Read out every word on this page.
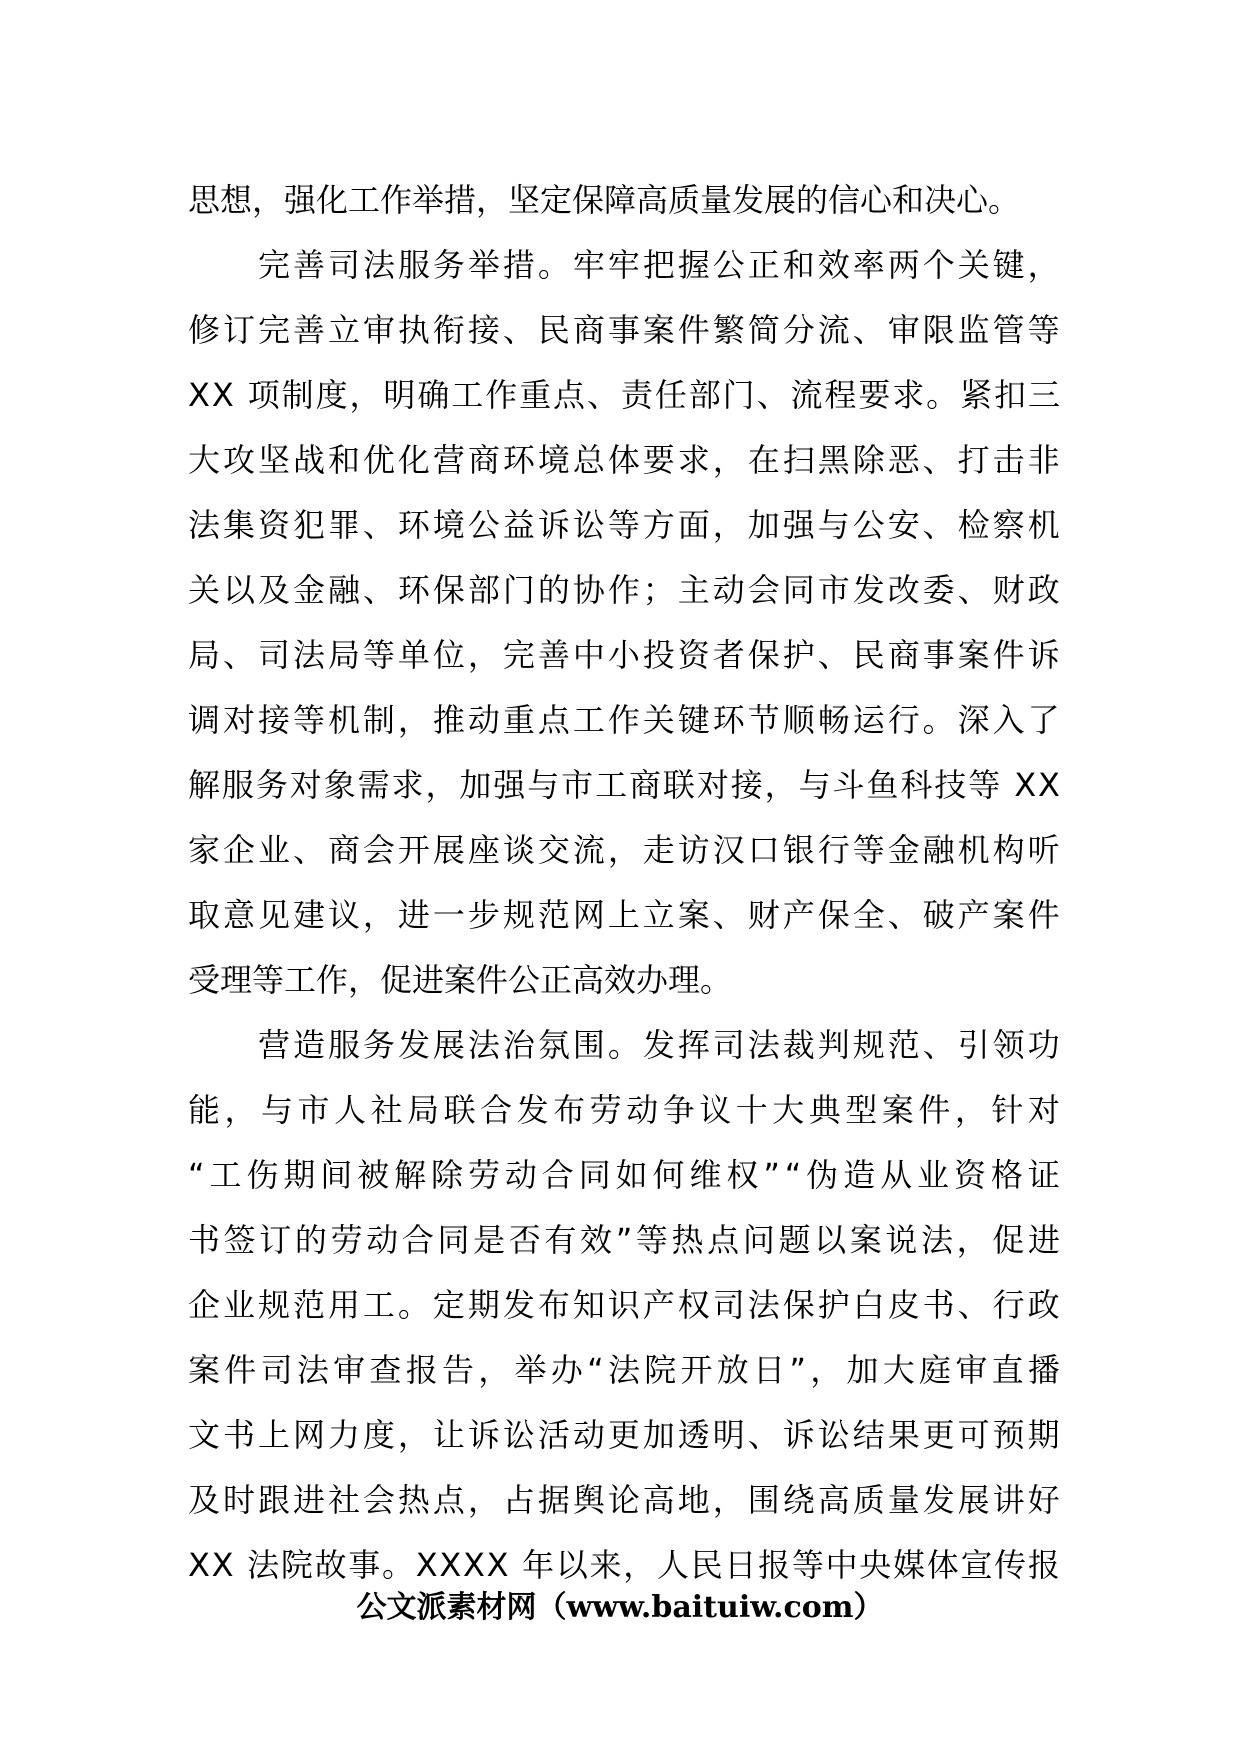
思想，强化工作举措，坚定保障高质量发展的信心和决心。
完 善 司 法 服 务 举 措 。 牢 牢 把 握 公 正 和 效 率 两 个 关 键 ，
修 订 完 善 立 审 执 衔 接 、 民 商 事 案 件 繁 简 分 流 、 审 限 监 管 等
X X
项 制 度 ， 明 确 工 作 重 点 、 责 任 部 门 、 流 程 要 求 。 紧 扣 三
大 攻 坚 战 和 优 化 营 商 环 境 总 体 要 求 ， 在 扫 黑 除 恶 、 打 击 非
法 集 资 犯 罪 、 环 境 公 益 诉 讼 等 方 面 ， 加 强 与 公 安 、 检 察 机
关 以 及 金 融 、 环 保 部 门 的 协 作 ； 主 动 会 同 市 发 改 委 、 财 政
局 、 司 法 局 等 单 位 ， 完 善 中 小 投 资 者 保 护 、 民 商 事 案 件 诉
调 对 接 等 机 制 ， 推 动 重 点 工 作 关 键 环 节 顺 畅 运 行 。 深 入 了
解 服 务 对 象 需 求 ， 加 强 与 市 工 商 联 对 接 ， 与 斗 鱼 科 技 等
X X
家 企 业 、 商 会 开 展 座 谈 交 流 ， 走 访 汉 口 银 行 等 金 融 机 构 听
取 意 见 建 议 ， 进 一 步 规 范 网 上 立 案 、 财 产 保 全 、 破 产 案 件
受理等工作，促进案件公正高效办理。
营 造 服 务 发 展 法 治 氛 围 。 发 挥 司 法 裁 判 规 范 、 引 领 功
能 ， 与 市 人 社 局 联 合 发 布 劳 动 争 议 十 大 典 型 案 件 ， 针 对
“ 工 伤 期 间 被 解 除 劳 动 合 同 如 何 维 权 ” “ 伪 造 从 业 资 格 证
书 签 订 的 劳 动 合 同 是 否 有 效 ” 等 热 点 问 题 以 案 说 法 ， 促 进
企 业 规 范 用 工 。 定 期 发 布 知 识 产 权 司 法 保 护 白 皮 书 、 行 政
案 件 司 法 审 查 报 告 ， 举 办 “ 法 院 开 放 日 ” ， 加 大 庭 审 直 播
文 书 上 网 力 度 ， 让 诉 讼 活 动 更 加 透 明 、 诉 讼 结 果 更 可 预 期
及 时 跟 进 社 会 热 点 ， 占 据 舆 论 高 地 ， 围 绕 高 质 量 发 展 讲 好
X X
法 院 故 事 。 X X X X
年 以 来 ， 人 民 日 报 等 中 央 媒 体 宣 传 报
公文派素材网（www.baituiw.com）
